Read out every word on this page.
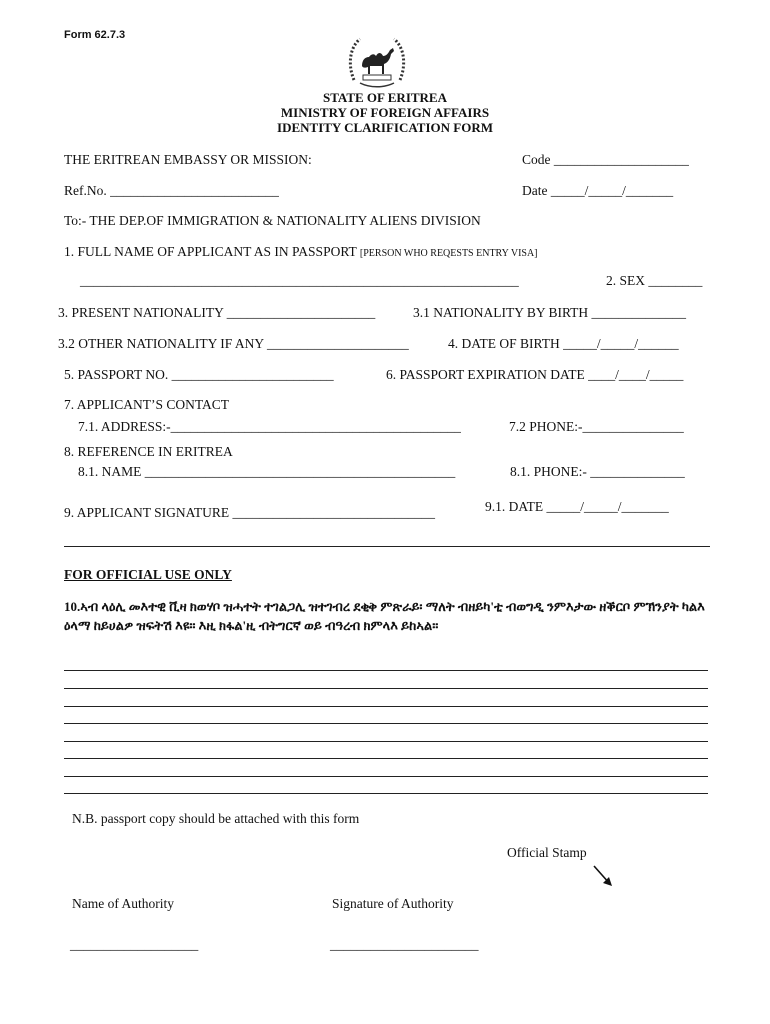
Form 62.7.3
STATE OF ERITREA
MINISTRY OF FOREIGN AFFAIRS
IDENTITY CLARIFICATION FORM
THE ERITREAN EMBASSY OR MISSION:	Code ____________________
Ref.No. _________________________	Date _____/_____/_______
To:- THE DEP.OF IMMIGRATION & NATIONALITY ALIENS DIVISION
1. FULL NAME OF APPLICANT AS IN PASSPORT [PERSON WHO REQESTS ENTRY VISA]
_________________________________________________________________	2. SEX ________
3. PRESENT NATIONALITY ______________________	3.1 NATIONALITY BY BIRTH ______________
3.2 OTHER NATIONALITY IF ANY _____________________	4. DATE OF BIRTH _____/_____/______
5. PASSPORT NO. ________________________	6. PASSPORT EXPIRATION DATE ____/____/_____
7. APPLICANT’S CONTACT
7.1. ADDRESS:-___________________________________________	7.2 PHONE:-_______________
8. REFERENCE IN ERITREA
8.1. NAME ______________________________________________	8.1. PHONE:- ______________
9. APPLICANT SIGNATURE ______________________________	9.1. DATE _____/_____/_______
FOR OFFICIAL USE ONLY
10.ኣብ ላዕሊ መእተዊ ቪዛ ክወሃቦ ዝሓተት ተገልጋሊ ዝተገብረ ደቂቅ ምጽራይ፡ ማለት ብዘይካ'ቲ ብወግዲ ንምእታው ዘቕርቦ ምኽንያት ካልእ ዕላማ ከይሀልዎ ዝፍትሽ እዩ። እዚ ክፋል'ዚ ብትግርኛ ወይ ብዓረብ ክምላእ ይከኣል።
N.B. passport copy should be attached with this form
Official Stamp
Name of Authority	Signature of Authority
___________________	______________________
